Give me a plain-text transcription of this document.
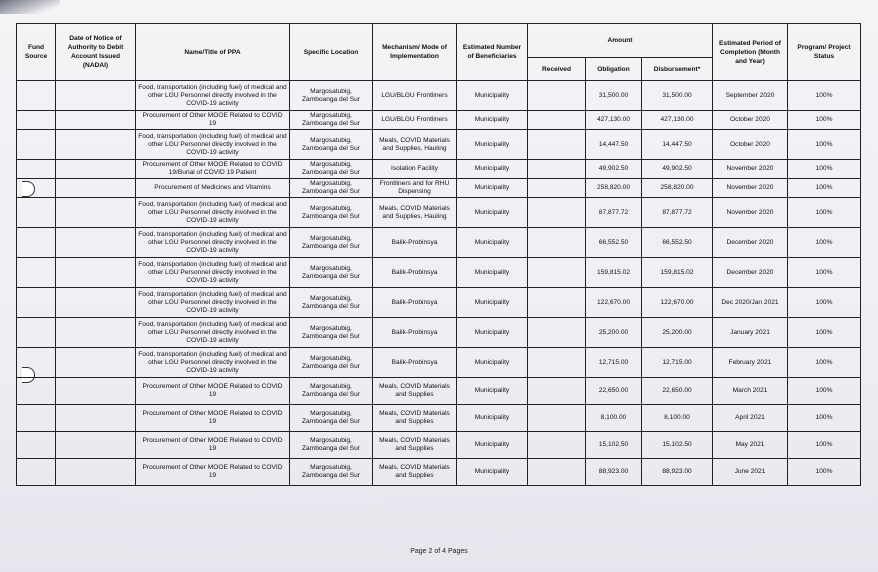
Fund Source	Date of Notice of Authority to Debit Account Issued (NADAI)	Name/Title of PPA	Specific Location	Mechanism/ Mode of Implementation	Estimated Number of Beneficiaries	Amount			Estimated Period of Completion (Month and Year)	Program/ Project Status
						Received	Obligation	Disbursement*		
		Food, transportation (including fuel) of medical and other LGU Personnel directly involved in the COVID-19 activity	Margosatubig, Zamboanga del Sur	LGU/BLGU Frontliners	Municipality		31,500.00	31,500.00	September 2020	100%
		Procurement of Other MOOE Related to COVID 19	Margosatubig, Zamboanga del Sur	LGU/BLGU Frontliners	Municipality		427,130.00	427,130.00	October 2020	100%
		Food, transportation (including fuel) of medical and other LGU Personnel directly involved in the COVID-19 activity	Margosatubig, Zamboanga del Sur	Meals, COVID Materials and Supplies, Hauling	Municipality		14,447.50	14,447.50	October 2020	100%
		Procurement of Other MOOE Related to COVID 19/Burial of COVID 19 Patient	Margosatubig, Zamboanga del Sur	Isolation Facility	Municipality		49,902.50	49,902.50	November 2020	100%
		Procurement of Medicines and Vitamins	Margosatubig, Zamboanga del Sur	Frontliners and for RHU Dispensing	Municipality		258,820.00	258,820.00	November 2020	100%
		Food, transportation (including fuel) of medical and other LGU Personnel directly involved in the COVID-19 activity	Margosatubig, Zamboanga del Sur	Meals, COVID Materials and Supplies, Hauling	Municipality		87,877.72	87,877.72	November 2020	100%
		Food, transportation (including fuel) of medical and other LGU Personnel directly involved in the COVID-19 activity	Margosatubig, Zamboanga del Sur	Balik-Probinsya	Municipality		66,552.50	66,552.50	December 2020	100%
		Food, transportation (including fuel) of medical and other LGU Personnel directly involved in the COVID-19 activity	Margosatubig, Zamboanga del Sur	Balik-Probinsya	Municipality		159,815.02	159,815.02	December 2020	100%
		Food, transportation (including fuel) of medical and other LGU Personnel directly involved in the COVID-19 activity	Margosatubig, Zamboanga del Sur	Balik-Probinsya	Municipality		122,670.00	122,670.00	Dec 2020/Jan 2021	100%
		Food, transportation (including fuel) of medical and other LGU Personnel directly involved in the COVID-19 activity	Margosatubig, Zamboanga del Sur	Balik-Probinsya	Municipality		25,200.00	25,200.00	January 2021	100%
		Food, transportation (including fuel) of medical and other LGU Personnel directly involved in the COVID-19 activity	Margosatubig, Zamboanga del Sur	Balik-Probinsya	Municipality		12,715.00	12,715.00	February 2021	100%
		Procurement of Other MOOE Related to COVID 19	Margosatubig, Zamboanga del Sur	Meals, COVID Materials and Supplies	Municipality		22,650.00	22,650.00	March 2021	100%
		Procurement of Other MOOE Related to COVID 19	Margosatubig, Zamboanga del Sur	Meals, COVID Materials and Supplies	Municipality		8,100.00	8,100.00	April 2021	100%
		Procurement of Other MOOE Related to COVID 19	Margosatubig, Zamboanga del Sur	Meals, COVID Materials and Supplies	Municipality		15,102.50	15,102.50	May 2021	100%
		Procurement of Other MOOE Related to COVID 19	Margosatubig, Zamboanga del Sur	Meals, COVID Materials and Supplies	Municipality		88,923.00	88,923.00	June 2021	100%
Page 2 of 4 Pages
